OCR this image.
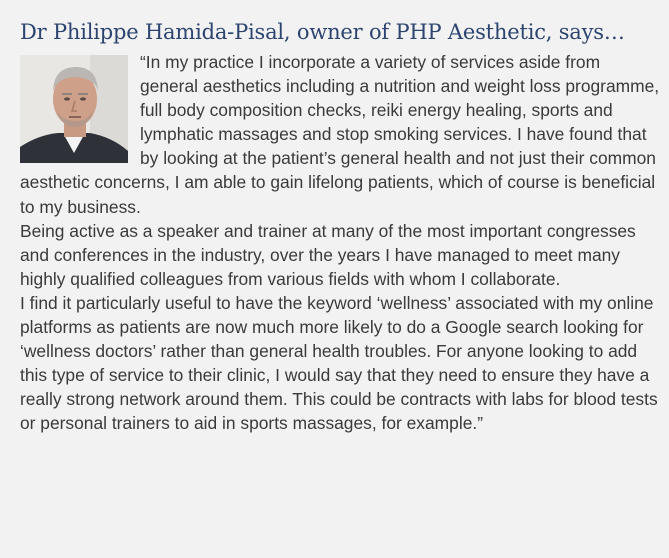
Dr Philippe Hamida-Pisal, owner of PHP Aesthetic, says…

“In my practice I incorporate a variety of services aside from general aesthetics including a nutrition and weight loss programme, full body composition checks, reiki energy healing, sports and lymphatic massages and stop smoking services. I have found that by looking at the patient’s general health and not just their common aesthetic concerns, I am able to gain lifelong patients, which of course is beneficial to my business.

Being active as a speaker and trainer at many of the most important congresses and conferences in the industry, over the years I have managed to meet many highly qualified colleagues from various fields with whom I collaborate.

I find it particularly useful to have the keyword ‘wellness’ associated with my online platforms as patients are now much more likely to do a Google search looking for ‘wellness doctors’ rather than general health troubles. For anyone looking to add this type of service to their clinic, I would say that they need to ensure they have a really strong network around them. This could be contracts with labs for blood tests or personal trainers to aid in sports massages, for example.”
